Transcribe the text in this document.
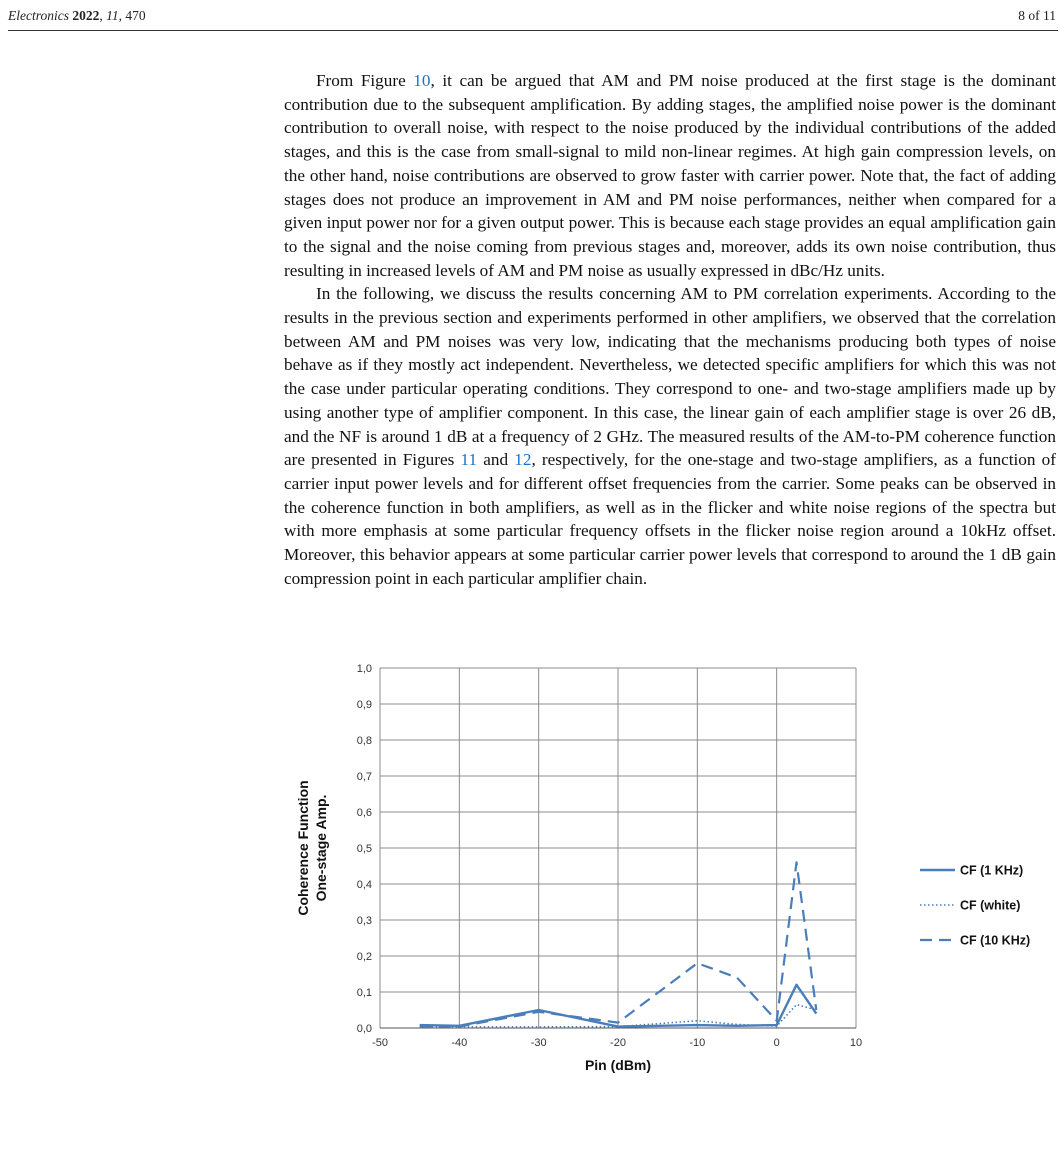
Electronics 2022, 11, 470	8 of 11

From Figure 10, it can be argued that AM and PM noise produced at the first stage is the dominant contribution due to the subsequent amplification. By adding stages, the amplified noise power is the dominant contribution to overall noise, with respect to the noise produced by the individual contributions of the added stages, and this is the case from small-signal to mild non-linear regimes. At high gain compression levels, on the other hand, noise contributions are observed to grow faster with carrier power. Note that, the fact of adding stages does not produce an improvement in AM and PM noise performances, neither when compared for a given input power nor for a given output power. This is because each stage provides an equal amplification gain to the signal and the noise coming from previous stages and, moreover, adds its own noise contribution, thus resulting in increased levels of AM and PM noise as usually expressed in dBc/Hz units.

In the following, we discuss the results concerning AM to PM correlation experiments. According to the results in the previous section and experiments performed in other amplifiers, we observed that the correlation between AM and PM noises was very low, indicating that the mechanisms producing both types of noise behave as if they mostly act independent. Nevertheless, we detected specific amplifiers for which this was not the case under particular operating conditions. They correspond to one- and two-stage amplifiers made up by using another type of amplifier component. In this case, the linear gain of each amplifier stage is over 26 dB, and the NF is around 1 dB at a frequency of 2 GHz. The measured results of the AM-to-PM coherence function are presented in Figures 11 and 12, respectively, for the one-stage and two-stage amplifiers, as a function of carrier input power levels and for different offset frequencies from the carrier. Some peaks can be observed in the coherence function in both amplifiers, as well as in the flicker and white noise regions of the spectra but with more emphasis at some particular frequency offsets in the flicker noise region around a 10kHz offset. Moreover, this behavior appears at some particular carrier power levels that correspond to around the 1 dB gain compression point in each particular amplifier chain.

0,0
0,1
0,2
0,3
0,4
0,5
0,6
0,7
0,8
0,9
1,0
-50	-40	-30	-20	-10	0	10
CF (1 KHz)
CF (white)
CF (10 KHz)
Pin (dBm)
Coherence Function One-stage Amp.
